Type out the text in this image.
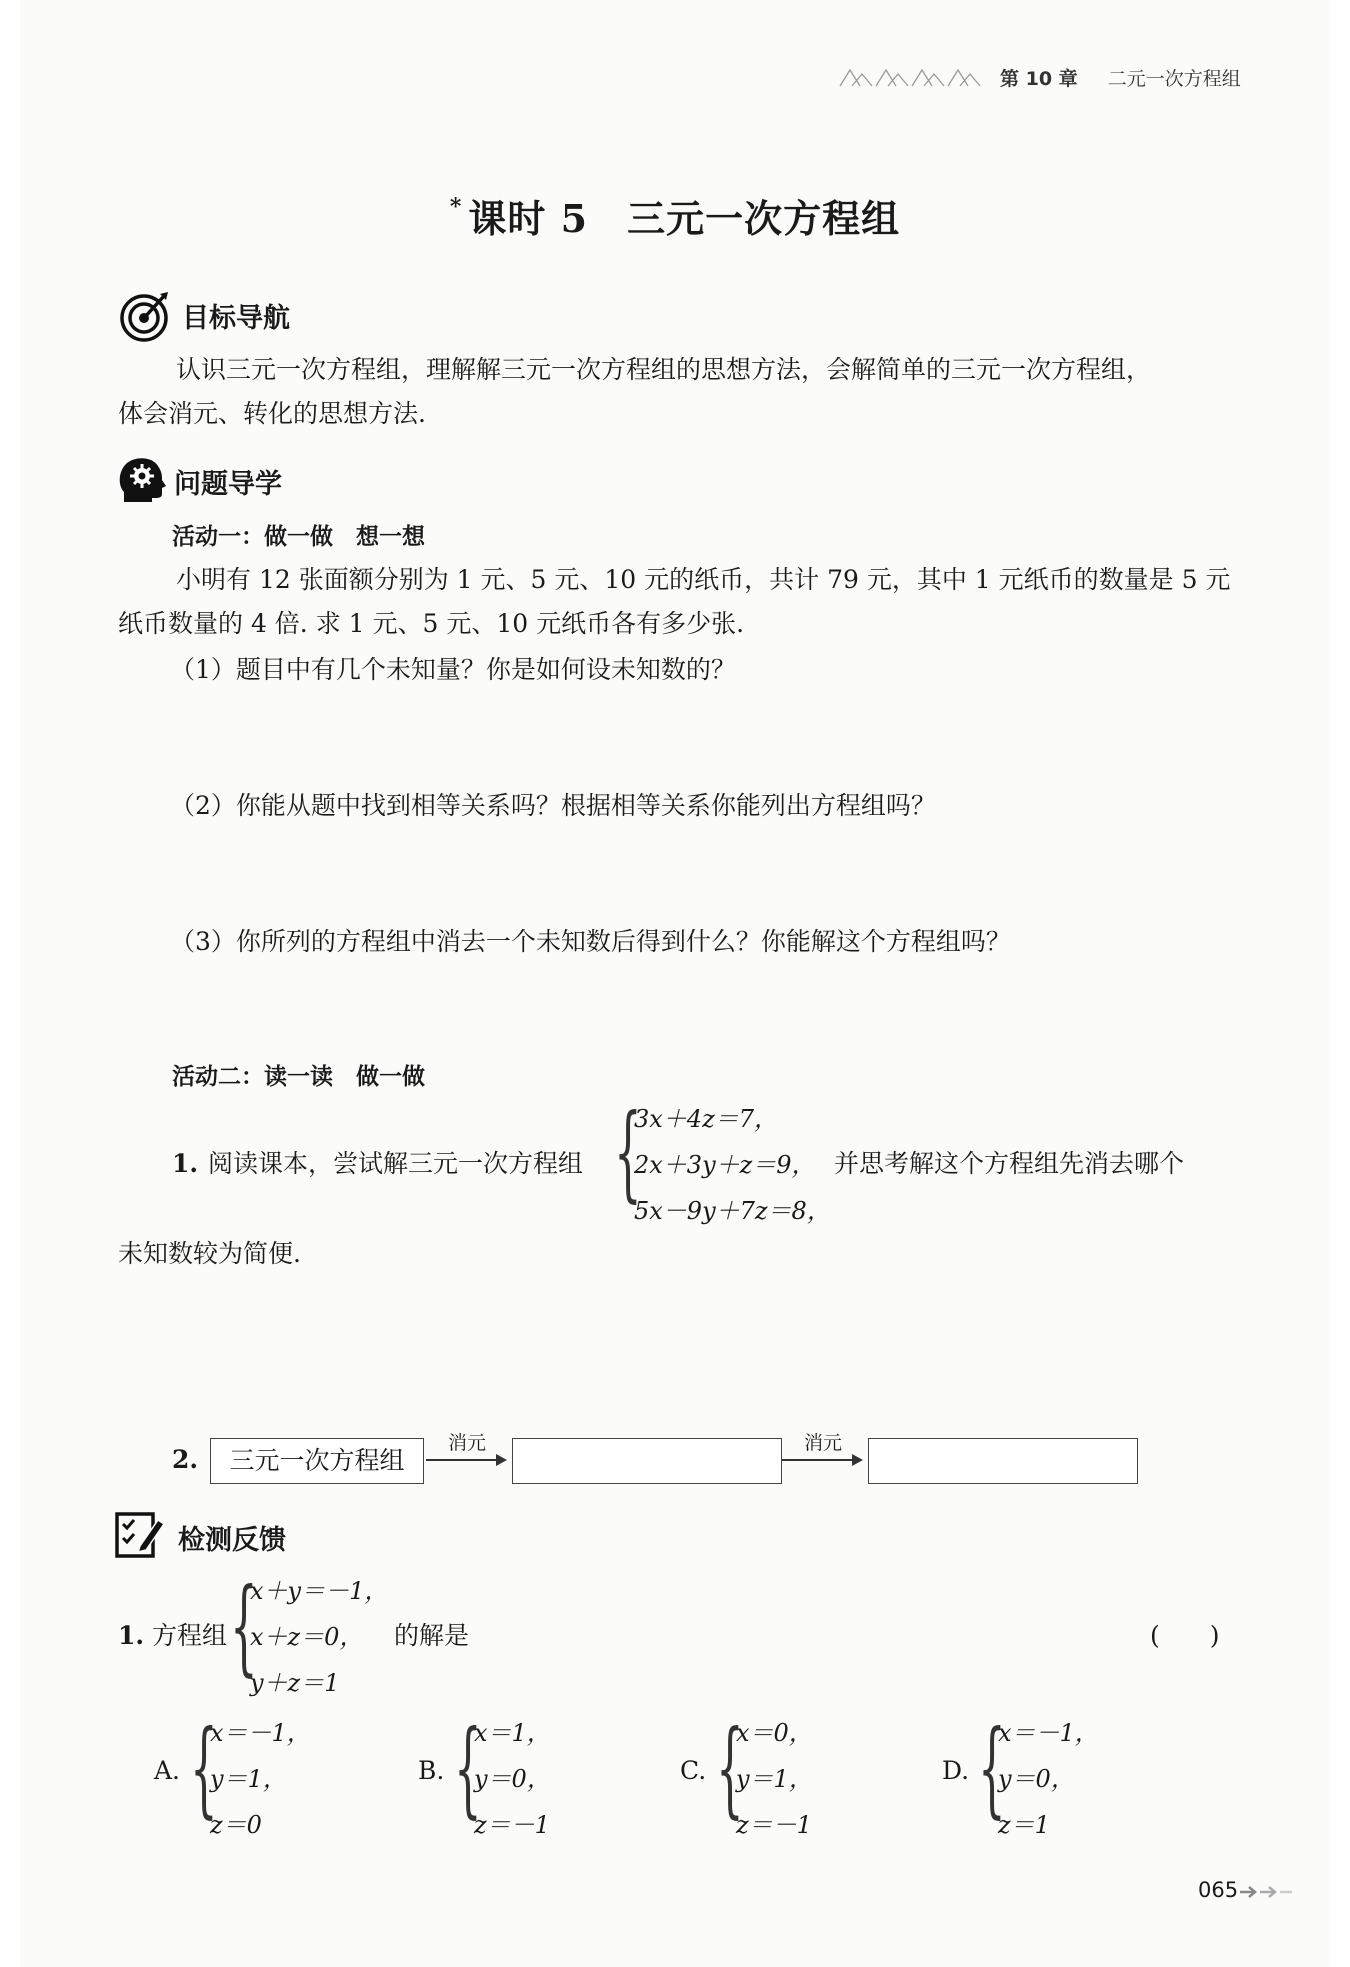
第 10 章 二元一次方程组
* 课时 5　三元一次方程组
目标导航
认识三元一次方程组，理解解三元一次方程组的思想方法，会解简单的三元一次方程组，
体会消元、转化的思想方法.
问题导学
活动一：做一做　想一想
小明有 12 张面额分别为 1 元、5 元、10 元的纸币，共计 79 元，其中 1 元纸币的数量是 5 元
纸币数量的 4 倍. 求 1 元、5 元、10 元纸币各有多少张.
（1）题目中有几个未知量？你是如何设未知数的？
（2）你能从题中找到相等关系吗？根据相等关系你能列出方程组吗？
（3）你所列的方程组中消去一个未知数后得到什么？你能解这个方程组吗？
活动二：读一读　做一做
1. 阅读课本，尝试解三元一次方程组 {
3x＋4z＝7，
2x＋3y＋z＝9，
5x－9y＋7z＝8，
并思考解这个方程组先消去哪个
未知数较为简便.
2.	三元一次方程组
消元	消元
检测反馈
1. 方程组 {
x＋y＝－1，
x＋z＝0，
y＋z＝1
的解是	(　　)
A. {
x＝－1，
y＝1，
z＝0
B. {
x＝1，
y＝0，
z＝－1
C. {
x＝0，
y＝1，
z＝－1
D. {
x＝－1，
y＝0，
z＝1
065
